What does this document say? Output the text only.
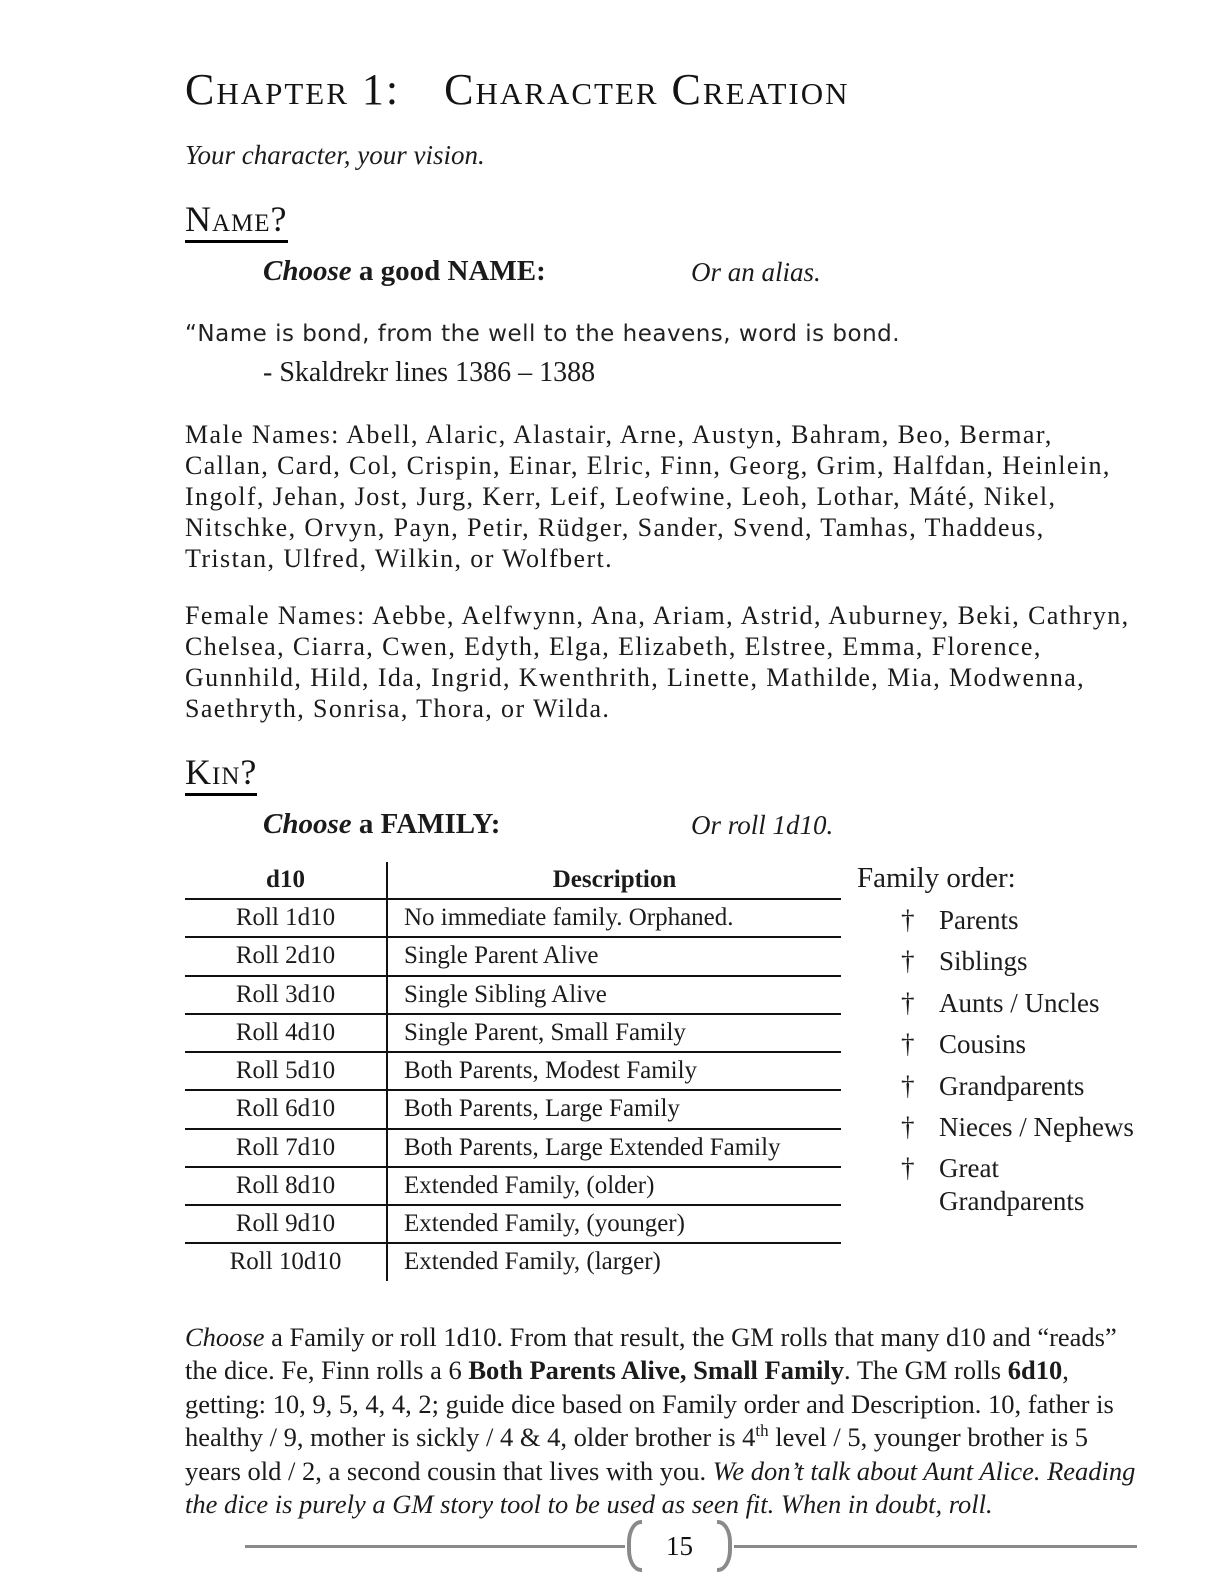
Chapter 1: Character Creation
Your character, your vision.
Name?
Choose a good NAME:	Or an alias.
“Name is bond, from the well to the heavens, word is bond.
- Skaldrekr lines 1386 – 1388
Male Names: Abell, Alaric, Alastair, Arne, Austyn, Bahram, Beo, Bermar, Callan, Card, Col, Crispin, Einar, Elric, Finn, Georg, Grim, Halfdan, Heinlein, Ingolf, Jehan, Jost, Jurg, Kerr, Leif, Leofwine, Leoh, Lothar, Máté, Nikel, Nitschke, Orvyn, Payn, Petir, Rüdger, Sander, Svend, Tamhas, Thaddeus, Tristan, Ulfred, Wilkin, or Wolfbert.
Female Names: Aebbe, Aelfwynn, Ana, Ariam, Astrid, Auburney, Beki, Cathryn, Chelsea, Ciarra, Cwen, Edyth, Elga, Elizabeth, Elstree, Emma, Florence, Gunnhild, Hild, Ida, Ingrid, Kwenthrith, Linette, Mathilde, Mia, Modwenna, Saethryth, Sonrisa, Thora, or Wilda.
Kin?
Choose a FAMILY:	Or roll 1d10.
d10	Description
Roll 1d10	No immediate family. Orphaned.
Roll 2d10	Single Parent Alive
Roll 3d10	Single Sibling Alive
Roll 4d10	Single Parent, Small Family
Roll 5d10	Both Parents, Modest Family
Roll 6d10	Both Parents, Large Family
Roll 7d10	Both Parents, Large Extended Family
Roll 8d10	Extended Family, (older)
Roll 9d10	Extended Family, (younger)
Roll 10d10	Extended Family, (larger)
Family order:
† Parents
† Siblings
† Aunts / Uncles
† Cousins
† Grandparents
† Nieces / Nephews
† Great Grandparents
Choose a Family or roll 1d10. From that result, the GM rolls that many d10 and “reads” the dice. Fe, Finn rolls a 6 Both Parents Alive, Small Family. The GM rolls 6d10, getting: 10, 9, 5, 4, 4, 2; guide dice based on Family order and Description. 10, father is healthy / 9, mother is sickly / 4 & 4, older brother is 4th level / 5, younger brother is 5 years old / 2, a second cousin that lives with you. We don’t talk about Aunt Alice. Reading the dice is purely a GM story tool to be used as seen fit. When in doubt, roll.
15
